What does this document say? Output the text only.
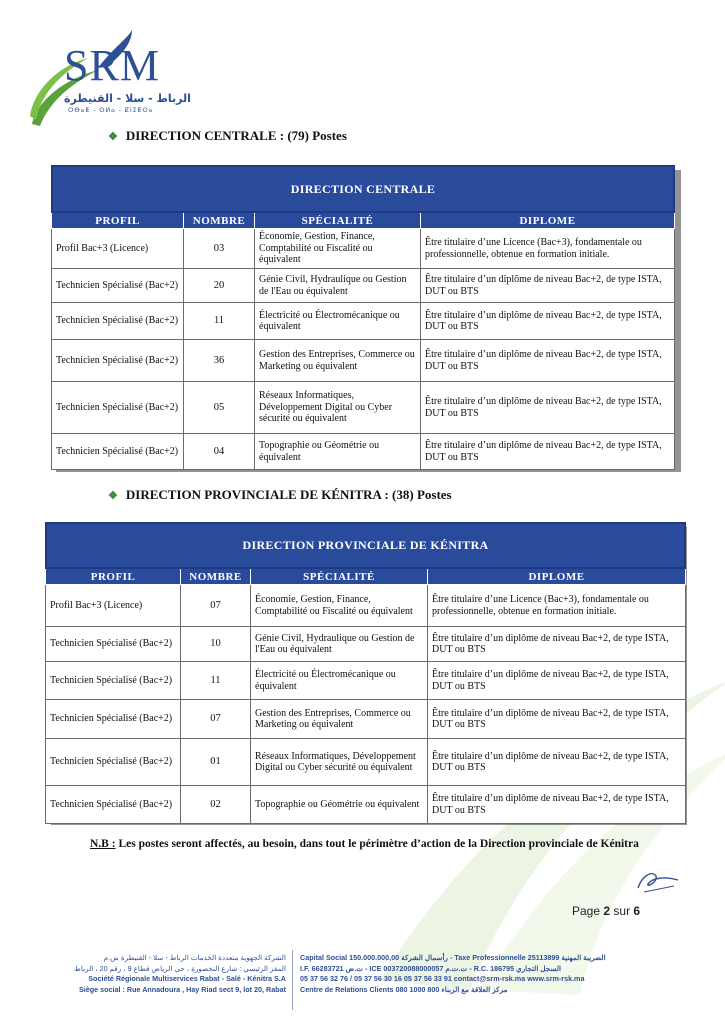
SRM
الرباط - سلا - القنيطرة
ⵔⴱⴰⵟ - ⵙⵍⴰ - ⵇⵏⵉⵟⵔⴰ
❖ DIRECTION CENTRALE : (79) Postes
DIRECTION CENTRALE			
PROFIL	NOMBRE	SPÉCIALITÉ	DIPLOME
Profil Bac+3 (Licence)	03	Économie, Gestion, Finance, Comptabilité ou Fiscalité ou équivalent	Être titulaire d’une Licence (Bac+3), fondamentale ou professionnelle, obtenue en formation initiale.
Technicien Spécialisé (Bac+2)	20	Génie Civil, Hydraulique ou Gestion de l'Eau ou équivalent	Être titulaire d’un diplôme de niveau Bac+2, de type ISTA, DUT ou BTS
Technicien Spécialisé (Bac+2)	11	Électricité ou Électromécanique ou équivalent	Être titulaire d’un diplôme de niveau Bac+2, de type ISTA, DUT ou BTS
Technicien Spécialisé (Bac+2)	36	Gestion des Entreprises, Commerce ou Marketing ou équivalent	Être titulaire d’un diplôme de niveau Bac+2, de type ISTA, DUT ou BTS
Technicien Spécialisé (Bac+2)	05	Réseaux Informatiques, Développement Digital ou Cyber sécurité ou équivalent	Être titulaire d’un diplôme de niveau Bac+2, de type ISTA, DUT ou BTS
Technicien Spécialisé (Bac+2)	04	Topographie ou Géométrie ou équivalent	Être titulaire d’un diplôme de niveau Bac+2, de type ISTA, DUT ou BTS
❖ DIRECTION PROVINCIALE DE KÉNITRA : (38) Postes
DIRECTION PROVINCIALE DE KÉNITRA			
PROFIL	NOMBRE	SPÉCIALITÉ	DIPLOME
Profil Bac+3 (Licence)	07	Économie, Gestion, Finance, Comptabilité ou Fiscalité ou équivalent	Être titulaire d’une Licence (Bac+3), fondamentale ou professionnelle, obtenue en formation initiale.
Technicien Spécialisé (Bac+2)	10	Génie Civil, Hydraulique ou Gestion de l'Eau ou équivalent	Être titulaire d’un diplôme de niveau Bac+2, de type ISTA, DUT ou BTS
Technicien Spécialisé (Bac+2)	11	Électricité ou Électromécanique ou équivalent	Être titulaire d’un diplôme de niveau Bac+2, de type ISTA, DUT ou BTS
Technicien Spécialisé (Bac+2)	07	Gestion des Entreprises, Commerce ou Marketing ou équivalent	Être titulaire d’un diplôme de niveau Bac+2, de type ISTA, DUT ou BTS
Technicien Spécialisé (Bac+2)	01	Réseaux Informatiques, Développement Digital ou Cyber sécurité ou équivalent	Être titulaire d’un diplôme de niveau Bac+2, de type ISTA, DUT ou BTS
Technicien Spécialisé (Bac+2)	02	Topographie ou Géométrie ou équivalent	Être titulaire d’un diplôme de niveau Bac+2, de type ISTA, DUT ou BTS
N.B : Les postes seront affectés, au besoin, dans tout le périmètre d’action de la Direction provinciale de Kénitra
Page 2 sur 6
الشركة الجهوية متعددة الخدمات الرباط - سلا - القنيطرة ش.م
المقر الرئيسي : شارع النخصورة ، حي الرياض قطاع 9 ، رقم 20 ، الرباط
Société Régionale Multiservices Rabat - Salé - Kénitra S.A
Siège social : Rue Annadoura , Hay Riad sect 9, lot 20, Rabat
Capital Social 150.000.000,00 رأسمال الشركة - Taxe Professionnelle 25113899 الضريبة المهنية
I.F. 66283721 ت.ض - ICE 003720088000057 ت.ت.م - R.C. 186795 السجل التجاري
05 37 56 32 76 / 05 37 56 30 16 05 37 56 33 91 contact@srm-rsk.ma www.srm-rsk.ma
Centre de Relations Clients 080 1000 800 مركز العلاقة مع الزبناء
